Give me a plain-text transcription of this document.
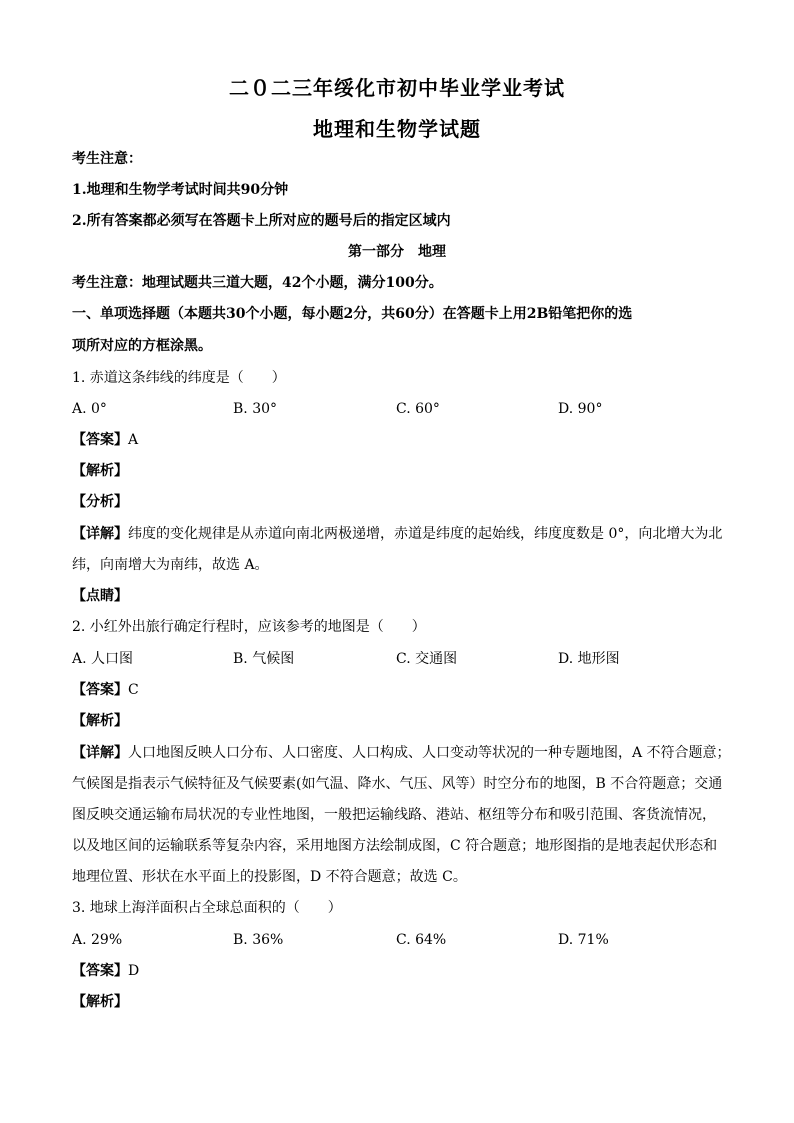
二０二三年绥化市初中毕业学业考试
地理和生物学试题
考生注意：
1.地理和生物学考试时间共90分钟
2.所有答案都必须写在答题卡上所对应的题号后的指定区域内
第一部分　地理
考生注意：地理试题共三道大题，42个小题，满分100分。
一、单项选择题（本题共30个小题，每小题2分，共60分）在答题卡上用2B铅笔把你的选
项所对应的方框涂黑。
1. 赤道这条纬线的纬度是（　　）
A. 0°	B. 30°	C. 60°	D. 90°
【答案】A
【解析】
【分析】
【详解】纬度的变化规律是从赤道向南北两极递增，赤道是纬度的起始线，纬度度数是 0°，向北增大为北
纬，向南增大为南纬，故选 A。
【点睛】
2. 小红外出旅行确定行程时，应该参考的地图是（　　）
A. 人口图	B. 气候图	C. 交通图	D. 地形图
【答案】C
【解析】
【详解】人口地图反映人口分布、人口密度、人口构成、人口变动等状况的一种专题地图，A 不符合题意；
气候图是指表示气候特征及气候要素(如气温、降水、气压、风等）时空分布的地图，B 不合符题意；交通
图反映交通运输布局状况的专业性地图，一般把运输线路、港站、枢纽等分布和吸引范围、客货流情况，
以及地区间的运输联系等复杂内容，采用地图方法绘制成图，C 符合题意；地形图指的是地表起伏形态和
地理位置、形状在水平面上的投影图，D 不符合题意；故选 C。
3. 地球上海洋面积占全球总面积的（　　）
A. 29%	B. 36%	C. 64%	D. 71%
【答案】D
【解析】
